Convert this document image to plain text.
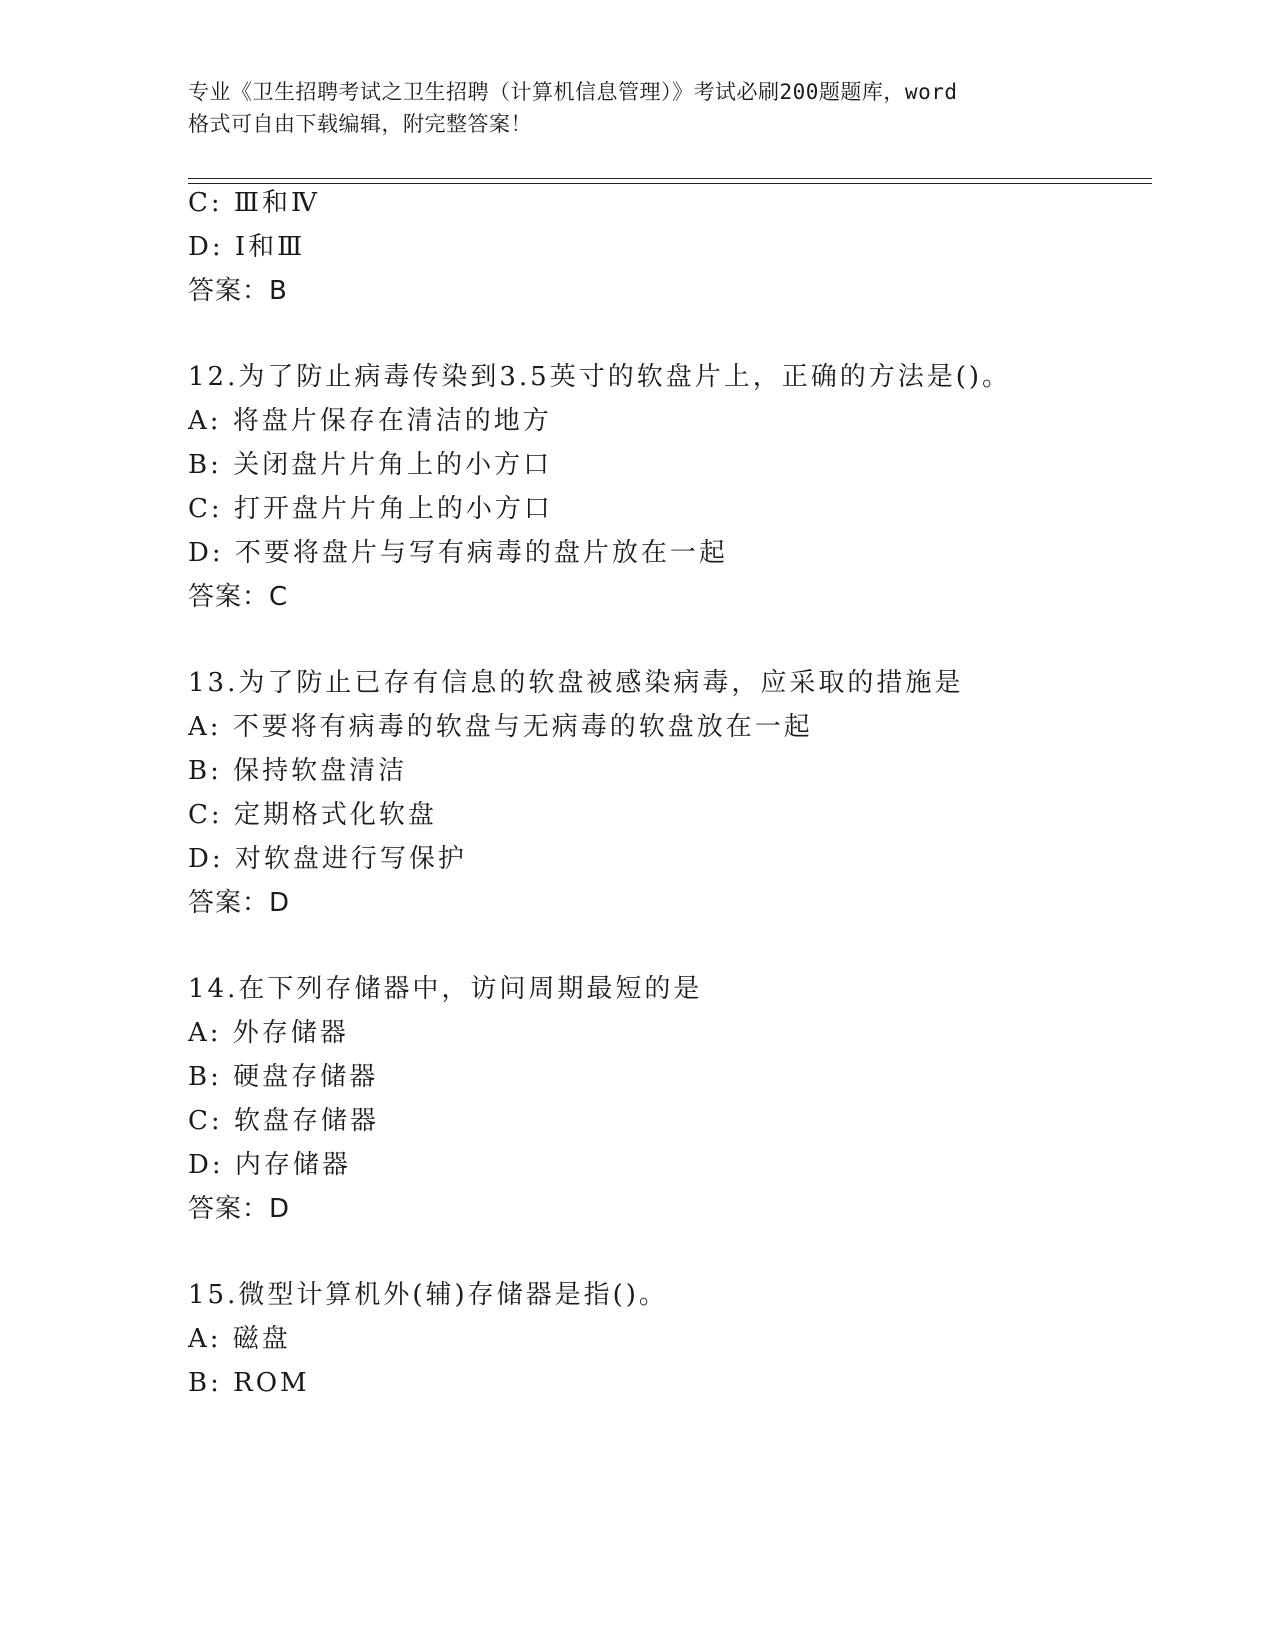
专业《卫生招聘考试之卫生招聘（计算机信息管理）》考试必刷200题题库，word
格式可自由下载编辑，附完整答案！
C: Ⅲ和Ⅳ
D: Ⅰ和Ⅲ
答案：B
12.为了防止病毒传染到3.5英寸的软盘片上，正确的方法是()。
A: 将盘片保存在清洁的地方
B: 关闭盘片片角上的小方口
C: 打开盘片片角上的小方口
D: 不要将盘片与写有病毒的盘片放在一起
答案：C
13.为了防止已存有信息的软盘被感染病毒，应采取的措施是
A: 不要将有病毒的软盘与无病毒的软盘放在一起
B: 保持软盘清洁
C: 定期格式化软盘
D: 对软盘进行写保护
答案：D
14.在下列存储器中，访问周期最短的是
A: 外存储器
B: 硬盘存储器
C: 软盘存储器
D: 内存储器
答案：D
15.微型计算机外(辅)存储器是指()。
A: 磁盘
B: ROM
